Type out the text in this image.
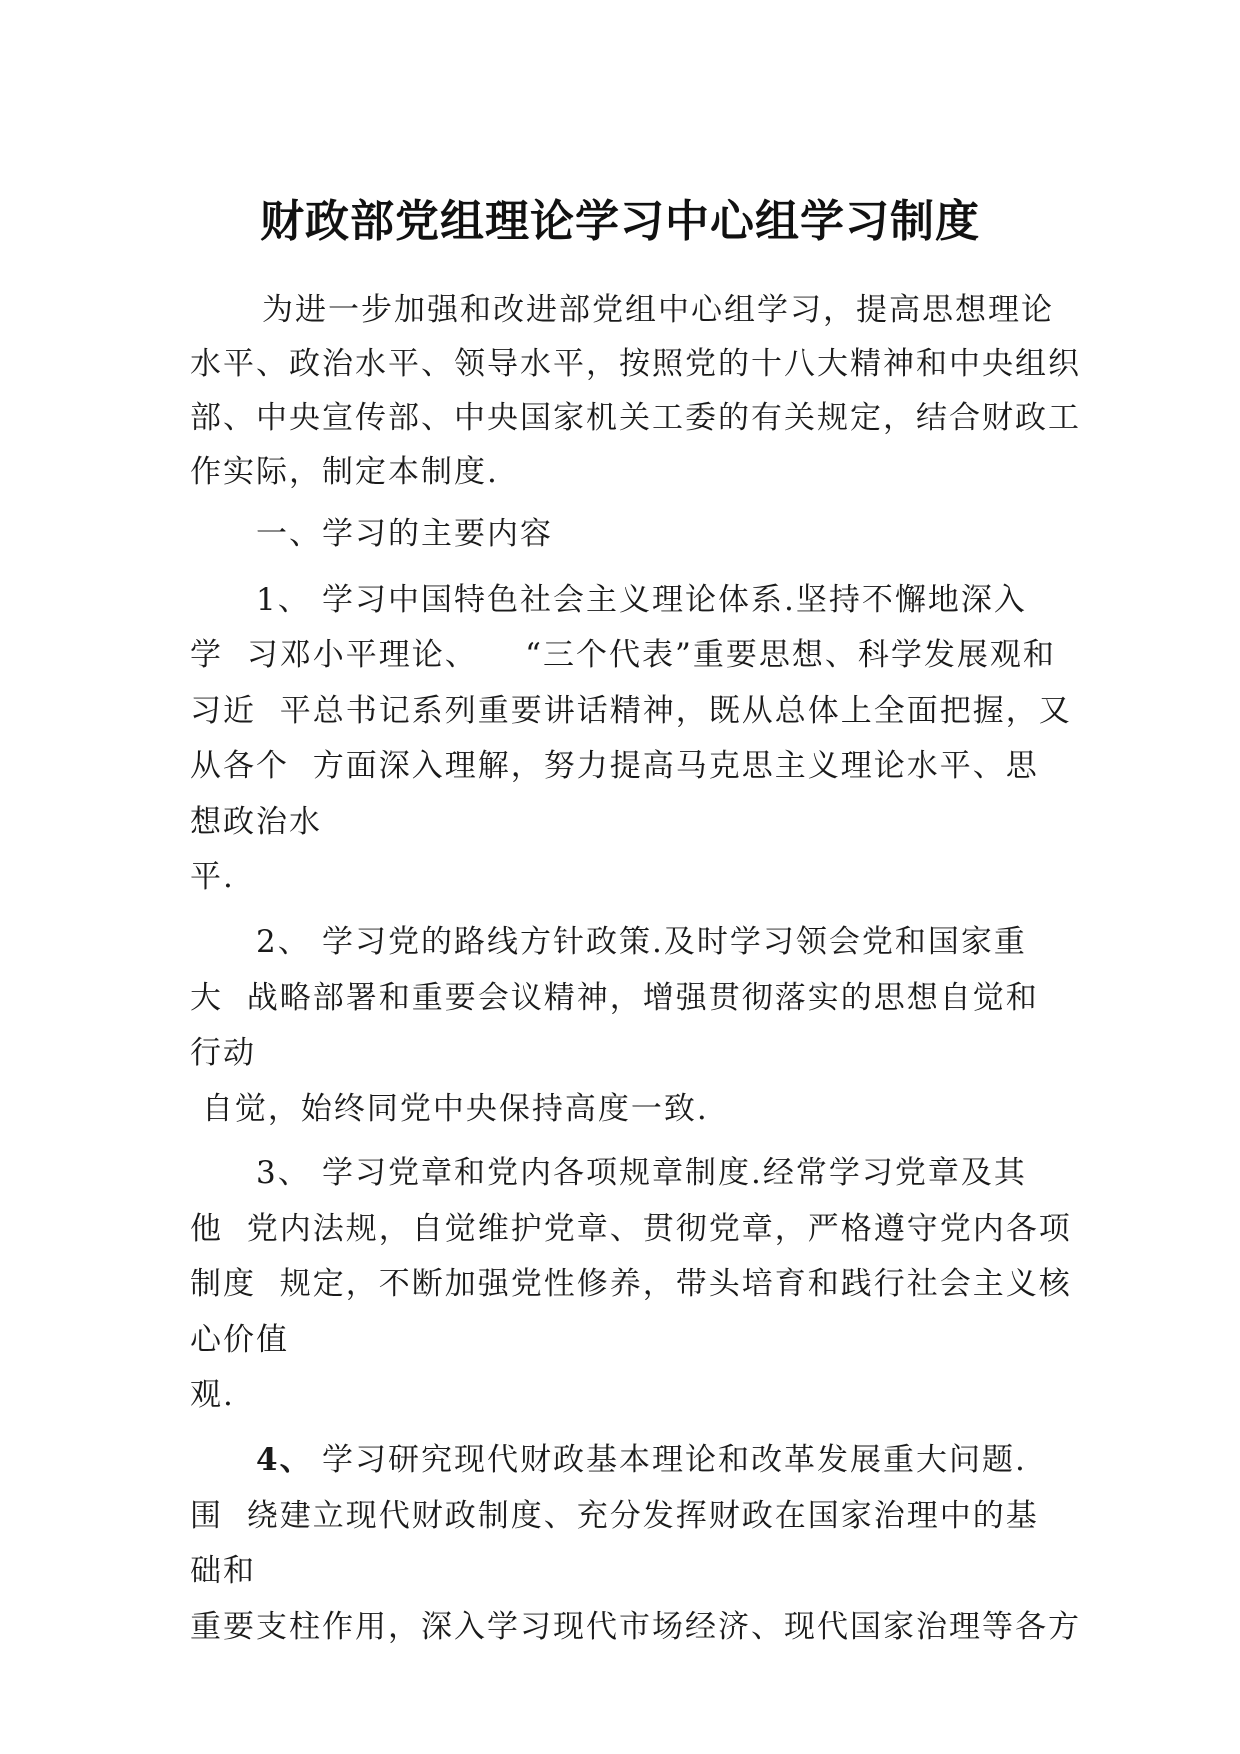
财政部党组理论学习中心组学习制度
为进一步加强和改进部党组中心组学习，提高思想理论
水平、政治水平、领导水平，按照党的十八大精神和中央组织
部、中央宣传部、中央国家机关工委的有关规定，结合财政工
作实际，制定本制度.
一、学习的主要内容
1、 学习中国特色社会主义理论体系.坚持不懈地深入
学  习邓小平理论、    “三个代表”重要思想、科学发展观和
习近  平总书记系列重要讲话精神，既从总体上全面把握，又
从各个  方面深入理解，努力提高马克思主义理论水平、思
想政治水
平.
2、 学习党的路线方针政策.及时学习领会党和国家重
大  战略部署和重要会议精神，增强贯彻落实的思想自觉和
行动
自觉，始终同党中央保持高度一致.
3、 学习党章和党内各项规章制度.经常学习党章及其
他  党内法规，自觉维护党章、贯彻党章，严格遵守党内各项
制度  规定，不断加强党性修养，带头培育和践行社会主义核
心价值
观.
4、 学习研究现代财政基本理论和改革发展重大问题.
围  绕建立现代财政制度、充分发挥财政在国家治理中的基
础和
重要支柱作用，深入学习现代市场经济、现代国家治理等各方
